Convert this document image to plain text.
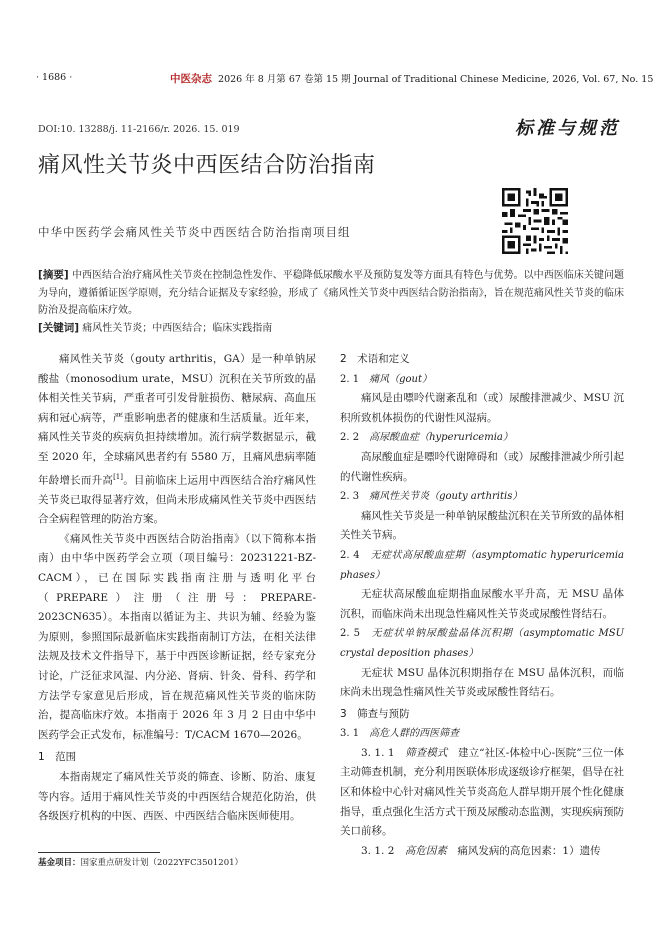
· 1686 ·	中医杂志 2026 年 8 月第 67 卷第 15 期 Journal of Traditional Chinese Medicine, 2026, Vol. 67, No. 15
DOI:10. 13288/j. 11-2166/r. 2026. 15. 019	标准与规范
痛风性关节炎中西医结合防治指南
中华中医药学会痛风性关节炎中西医结合防治指南项目组
[摘要] 中西医结合治疗痛风性关节炎在控制急性发作、平稳降低尿酸水平及预防复发等方面具有特色与优势。以中西医临床关键问题为导向，遵循循证医学原则，充分结合证据及专家经验，形成了《痛风性关节炎中西医结合防治指南》，旨在规范痛风性关节炎的临床防治及提高临床疗效。
[关键词] 痛风性关节炎；中西医结合；临床实践指南

痛风性关节炎（gouty arthritis，GA）是一种单钠尿酸盐（monosodium urate，MSU）沉积在关节所致的晶体相关性关节病，严重者可引发骨脏损伤、糖尿病、高血压病和冠心病等，严重影响患者的健康和生活质量。近年来，痛风性关节炎的疾病负担持续增加。流行病学数据显示，截至 2020 年，全球痛风患者约有 5580 万，且痛风患病率随年龄增长而升高[1]。目前临床上运用中西医结合治疗痛风性关节炎已取得显著疗效，但尚未形成痛风性关节炎中西医结合全病程管理的防治方案。

《痛风性关节炎中西医结合防治指南》（以下简称本指南）由中华中医药学会立项（项目编号：20231221-BZ-CACM），已在国际实践指南注册与透明化平台（PREPARE）注册（注册号：PREPARE-2023CN635）。本指南以循证为主、共识为辅、经验为鉴为原则，参照国际最新临床实践指南制订方法，在相关法律法规及技术文件指导下，基于中西医诊断证据，经专家充分讨论，广泛征求风湿、内分泌、肾病、针灸、骨科、药学和方法学专家意见后形成，旨在规范痛风性关节炎的临床防治，提高临床疗效。本指南于 2026 年 3 月 2 日由中华中医药学会正式发布，标准编号：T/CACM 1670—2026。

1　范围

本指南规定了痛风性关节炎的筛查、诊断、防治、康复等内容。适用于痛风性关节炎的中西医结合规范化防治，供各级医疗机构的中医、西医、中西医结合临床医师使用。

2　术语和定义
2. 1　 痛风（gout）

痛风是由嘌呤代谢紊乱和（或）尿酸排泄减少、MSU 沉积所致机体损伤的代谢性风湿病。

2. 2　 高尿酸血症（hyperuricemia）

高尿酸血症是嘌呤代谢障碍和（或）尿酸排泄减少所引起的代谢性疾病。

2. 3　 痛风性关节炎（gouty arthritis）

痛风性关节炎是一种单钠尿酸盐沉积在关节所致的晶体相关性关节病。

2. 4　 无症状高尿酸血症期（asymptomatic hyperuricemia phases）

无症状高尿酸血症期指血尿酸水平升高，无 MSU 晶体沉积，而临床尚未出现急性痛风性关节炎或尿酸性肾结石。

2. 5　 无症状单钠尿酸盐晶体沉积期（asymptomatic MSU crystal deposition phases）

无症状 MSU 晶体沉积期指存在 MSU 晶体沉积，而临床尚未出现急性痛风性关节炎或尿酸性肾结石。

3　筛查与预防
3. 1　 高危人群的西医筛查

3. 1. 1　 筛查模式　 建立“社区-体检中心-医院”三位一体主动筛查机制，充分利用医联体形成逐级诊疗框架，倡导在社区和体检中心针对痛风性关节炎高危人群早期开展个性化健康指导，重点强化生活方式干预及尿酸动态监测，实现疾病预防关口前移。

3. 1. 2　 高危因素　 痛风发病的高危因素：1）遗传

基金项目：国家重点研发计划（2022YFC3501201）
